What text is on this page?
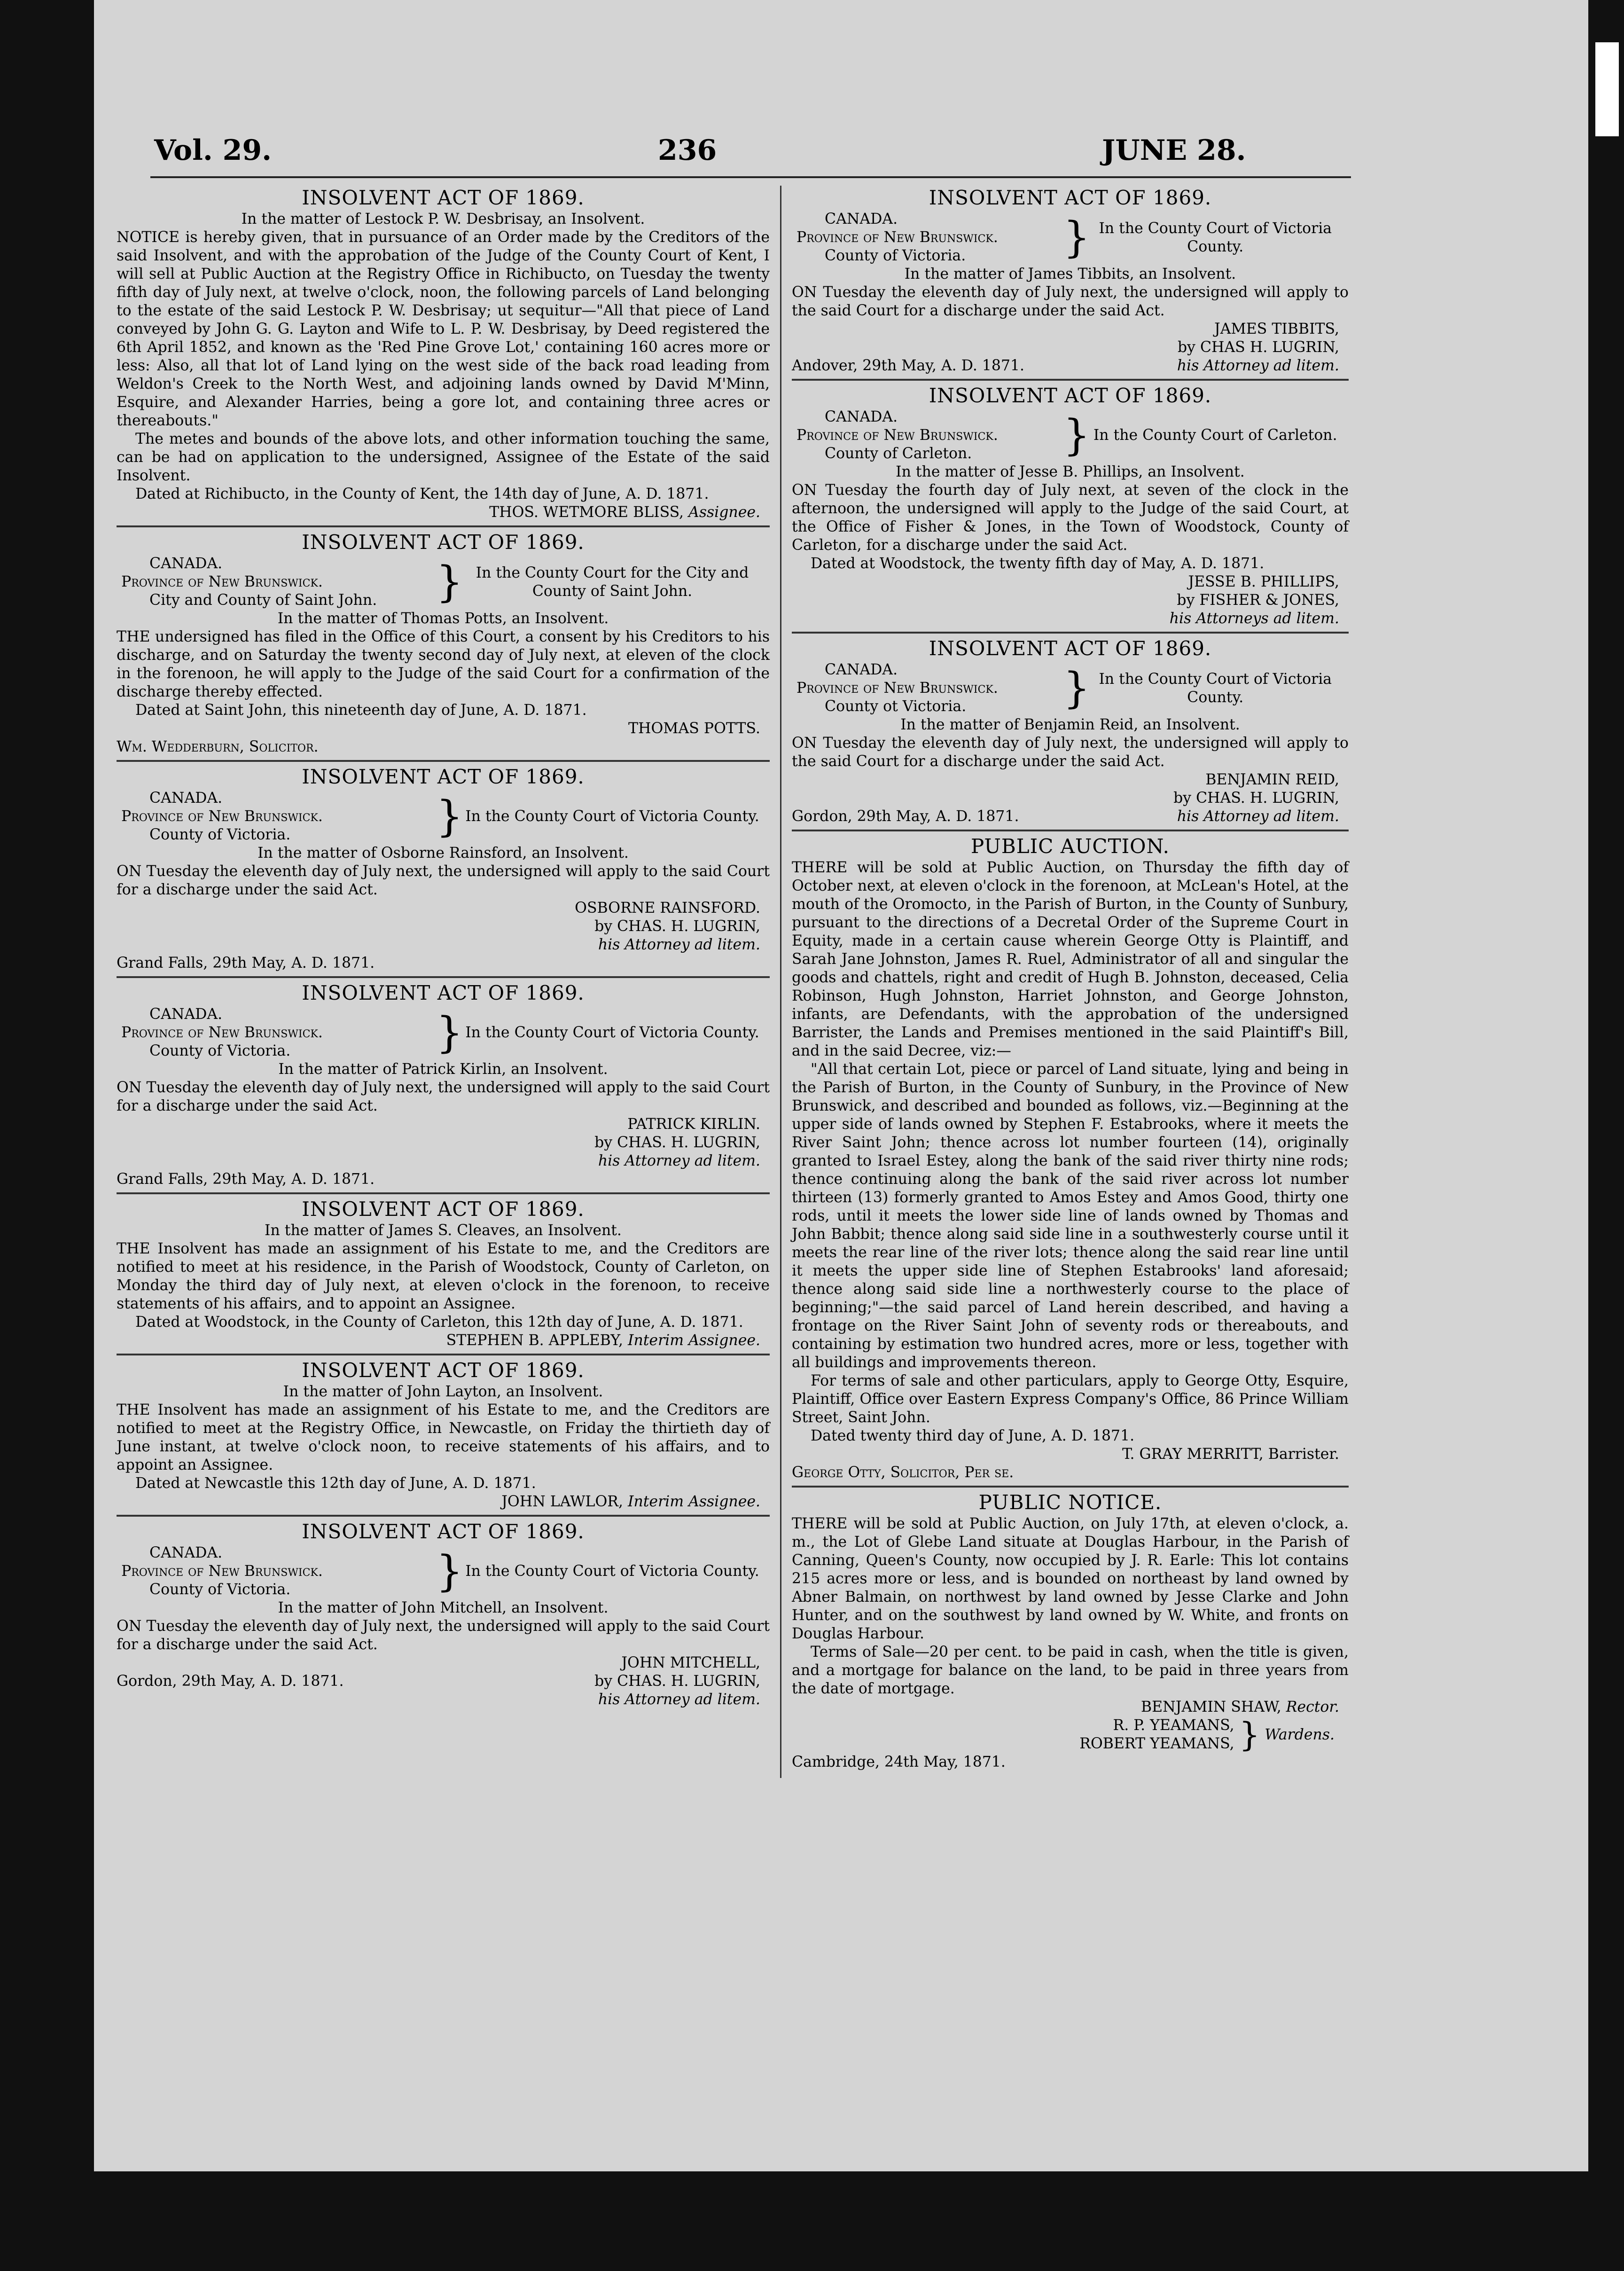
Vol. 29.	236	JUNE 28.
INSOLVENT ACT OF 1869.
In the matter of Lestock P. W. Desbrisay, an Insolvent.
NOTICE is hereby given, that in pursuance of an Order made by the Creditors of the said Insolvent, and with the approbation of the Judge of the County Court of Kent, I will sell at Public Auction at the Registry Office in Richibucto, on Tuesday the twenty fifth day of July next, at twelve o'clock, noon, the following parcels of Land belonging to the estate of the said Lestock P. W. Desbrisay; ut sequitur—"All that piece of Land conveyed by John G. G. Layton and Wife to L. P. W. Desbrisay, by Deed registered the 6th April 1852, and known as the 'Red Pine Grove Lot,' containing 160 acres more or less: Also, all that lot of Land lying on the west side of the back road leading from Weldon's Creek to the North West, and adjoining lands owned by David M'Minn, Esquire, and Alexander Harries, being a gore lot, and containing three acres or thereabouts."
The metes and bounds of the above lots, and other information touching the same, can be had on application to the undersigned, Assignee of the Estate of the said Insolvent.
Dated at Richibucto, in the County of Kent, the 14th day of June, A. D. 1871.
THOS. WETMORE BLISS, Assignee.
INSOLVENT ACT OF 1869.
CANADA.
Province of New Brunswick.
City and County of Saint John.	} In the County Court for the City and County of Saint John.
In the matter of Thomas Potts, an Insolvent.
THE undersigned has filed in the Office of this Court, a consent by his Creditors to his discharge, and on Saturday the twenty second day of July next, at eleven of the clock in the forenoon, he will apply to the Judge of the said Court for a confirmation of the discharge thereby effected.
Dated at Saint John, this nineteenth day of June, A. D. 1871.
THOMAS POTTS.
Wm. Wedderburn, Solicitor.
INSOLVENT ACT OF 1869.
CANADA.
Province of New Brunswick.
County of Victoria.	} In the County Court of Victoria County.
In the matter of Osborne Rainsford, an Insolvent.
ON Tuesday the eleventh day of July next, the undersigned will apply to the said Court for a discharge under the said Act.
OSBORNE RAINSFORD.
by CHAS. H. LUGRIN,
his Attorney ad litem.
Grand Falls, 29th May, A. D. 1871.
INSOLVENT ACT OF 1869.
CANADA.
Province of New Brunswick.
County of Victoria.	} In the County Court of Victoria County.
In the matter of Patrick Kirlin, an Insolvent.
ON Tuesday the eleventh day of July next, the undersigned will apply to the said Court for a discharge under the said Act.
PATRICK KIRLIN.
by CHAS. H. LUGRIN,
his Attorney ad litem.
Grand Falls, 29th May, A. D. 1871.
INSOLVENT ACT OF 1869.
In the matter of James S. Cleaves, an Insolvent.
THE Insolvent has made an assignment of his Estate to me, and the Creditors are notified to meet at his residence, in the Parish of Woodstock, County of Carleton, on Monday the third day of July next, at eleven o'clock in the forenoon, to receive statements of his affairs, and to appoint an Assignee.
Dated at Woodstock, in the County of Carleton, this 12th day of June, A. D. 1871.
STEPHEN B. APPLEBY, Interim Assignee.
INSOLVENT ACT OF 1869.
In the matter of John Layton, an Insolvent.
THE Insolvent has made an assignment of his Estate to me, and the Creditors are notified to meet at the Registry Office, in Newcastle, on Friday the thirtieth day of June instant, at twelve o'clock noon, to receive statements of his affairs, and to appoint an Assignee.
Dated at Newcastle this 12th day of June, A. D. 1871.
JOHN LAWLOR, Interim Assignee.
INSOLVENT ACT OF 1869.
CANADA.
Province of New Brunswick.
County of Victoria.	} In the County Court of Victoria County.
In the matter of John Mitchell, an Insolvent.
ON Tuesday the eleventh day of July next, the undersigned will apply to the said Court for a discharge under the said Act.
JOHN MITCHELL,
Gordon, 29th May, A. D. 1871.	by CHAS. H. LUGRIN,
his Attorney ad litem.
INSOLVENT ACT OF 1869.
CANADA.
Province of New Brunswick.
County of Victoria.	} In the County Court of Victoria County.
In the matter of James Tibbits, an Insolvent.
ON Tuesday the eleventh day of July next, the undersigned will apply to the said Court for a discharge under the said Act.
JAMES TIBBITS,
by CHAS H. LUGRIN,
Andover, 29th May, A. D. 1871.	his Attorney ad litem.
INSOLVENT ACT OF 1869.
CANADA.
Province of New Brunswick.
County of Carleton.	} In the County Court of Carleton.
In the matter of Jesse B. Phillips, an Insolvent.
ON Tuesday the fourth day of July next, at seven of the clock in the afternoon, the undersigned will apply to the Judge of the said Court, at the Office of Fisher & Jones, in the Town of Woodstock, County of Carleton, for a discharge under the said Act.
Dated at Woodstock, the twenty fifth day of May, A. D. 1871.
JESSE B. PHILLIPS,
by FISHER & JONES,
his Attorneys ad litem.
INSOLVENT ACT OF 1869.
CANADA.
Province of New Brunswick.
County ot Victoria.	} In the County Court of Victoria County.
In the matter of Benjamin Reid, an Insolvent.
ON Tuesday the eleventh day of July next, the undersigned will apply to the said Court for a discharge under the said Act.
BENJAMIN REID,
by CHAS. H. LUGRIN,
Gordon, 29th May, A. D. 1871.	his Attorney ad litem.
PUBLIC AUCTION.
THERE will be sold at Public Auction, on Thursday the fifth day of October next, at eleven o'clock in the forenoon, at McLean's Hotel, at the mouth of the Oromocto, in the Parish of Burton, in the County of Sunbury, pursuant to the directions of a Decretal Order of the Supreme Court in Equity, made in a certain cause wherein George Otty is Plaintiff, and Sarah Jane Johnston, James R. Ruel, Administrator of all and singular the goods and chattels, right and credit of Hugh B. Johnston, deceased, Celia Robinson, Hugh Johnston, Harriet Johnston, and George Johnston, infants, are Defendants, with the approbation of the undersigned Barrister, the Lands and Premises mentioned in the said Plaintiff's Bill, and in the said Decree, viz:—
"All that certain Lot, piece or parcel of Land situate, lying and being in the Parish of Burton, in the County of Sunbury, in the Province of New Brunswick, and described and bounded as follows, viz.—Beginning at the upper side of lands owned by Stephen F. Estabrooks, where it meets the River Saint John; thence across lot number fourteen (14), originally granted to Israel Estey, along the bank of the said river thirty nine rods; thence continuing along the bank of the said river across lot number thirteen (13) formerly granted to Amos Estey and Amos Good, thirty one rods, until it meets the lower side line of lands owned by Thomas and John Babbit; thence along said side line in a southwesterly course until it meets the rear line of the river lots; thence along the said rear line until it meets the upper side line of Stephen Estabrooks' land aforesaid; thence along said side line a northwesterly course to the place of beginning;"—the said parcel of Land herein described, and having a frontage on the River Saint John of seventy rods or thereabouts, and containing by estimation two hundred acres, more or less, together with all buildings and improvements thereon.
For terms of sale and other particulars, apply to George Otty, Esquire, Plaintiff, Office over Eastern Express Company's Office, 86 Prince William Street, Saint John.
Dated twenty third day of June, A. D. 1871.
T. GRAY MERRITT, Barrister.
George Otty, Solicitor, Per se.
PUBLIC NOTICE.
THERE will be sold at Public Auction, on July 17th, at eleven o'clock, a. m., the Lot of Glebe Land situate at Douglas Harbour, in the Parish of Canning, Queen's County, now occupied by J. R. Earle: This lot contains 215 acres more or less, and is bounded on northeast by land owned by Abner Balmain, on northwest by land owned by Jesse Clarke and John Hunter, and on the southwest by land owned by W. White, and fronts on Douglas Harbour.
Terms of Sale—20 per cent. to be paid in cash, when the title is given, and a mortgage for balance on the land, to be paid in three years from the date of mortgage.
BENJAMIN SHAW, Rector.
R. P. YEAMANS,
ROBERT YEAMANS, } Wardens.
Cambridge, 24th May, 1871.
